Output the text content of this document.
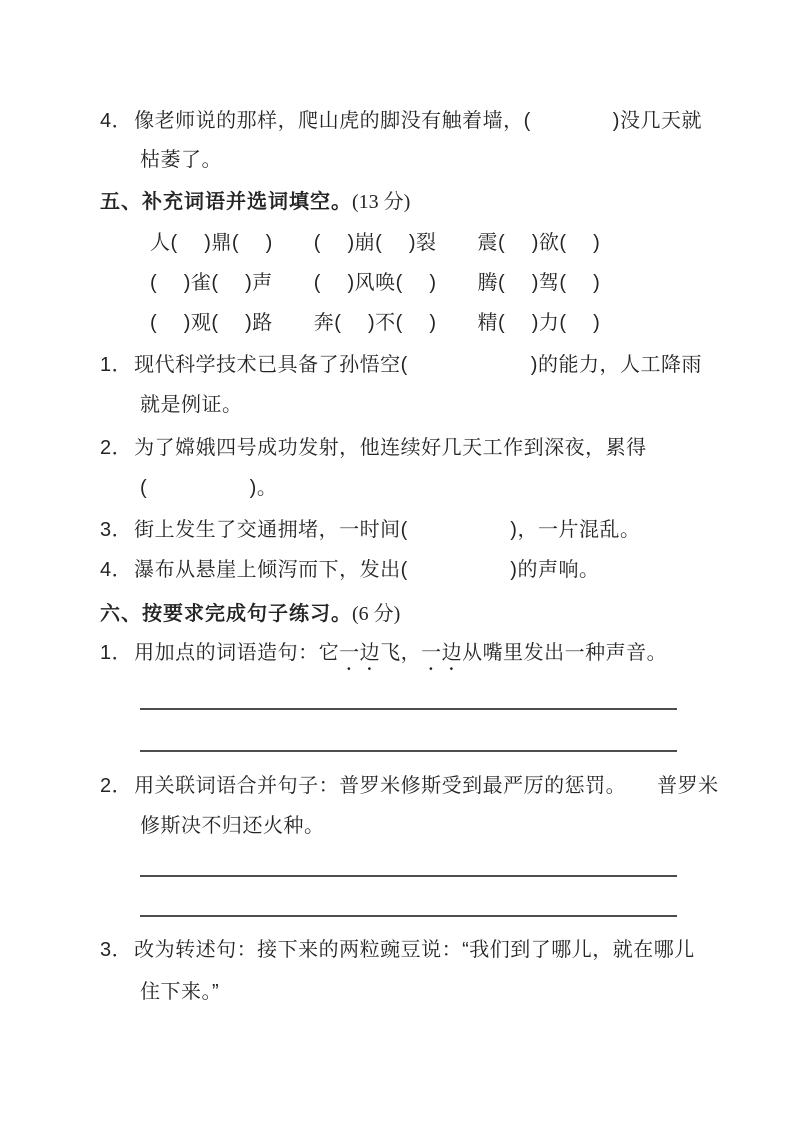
4． 像老师说的那样，爬山虎的脚没有触着墙，(　　　　)没几天就
枯萎了。
五、补充词语并选词填空。(13 分)
人(　 )鼎(　 )　　(　 )崩(　 )裂　　震(　 )欲(　 )
(　 )雀(　 )声　　(　 )风唤(　 )　　腾(　 )驾(　 )
(　 )观(　 )路　　奔(　 )不(　 )　　精(　 )力(　 )
1． 现代科学技术已具备了孙悟空(　　　　　　)的能力，人工降雨
就是例证。
2． 为了嫦娥四号成功发射，他连续好几天工作到深夜，累得
(　　　　　)。
3． 街上发生了交通拥堵，一时间(　　　　　)，一片混乱。
4． 瀑布从悬崖上倾泻而下，发出(　　　　　)的声响。
六、按要求完成句子练习。(6 分)
1． 用加点的词语造句：它一边飞，一边从嘴里发出一种声音。
2． 用关联词语合并句子：普罗米修斯受到最严厉的惩罚。　　普罗米
修斯决不归还火种。
3． 改为转述句：接下来的两粒豌豆说：“我们到了哪儿，就在哪儿
住下来。”
